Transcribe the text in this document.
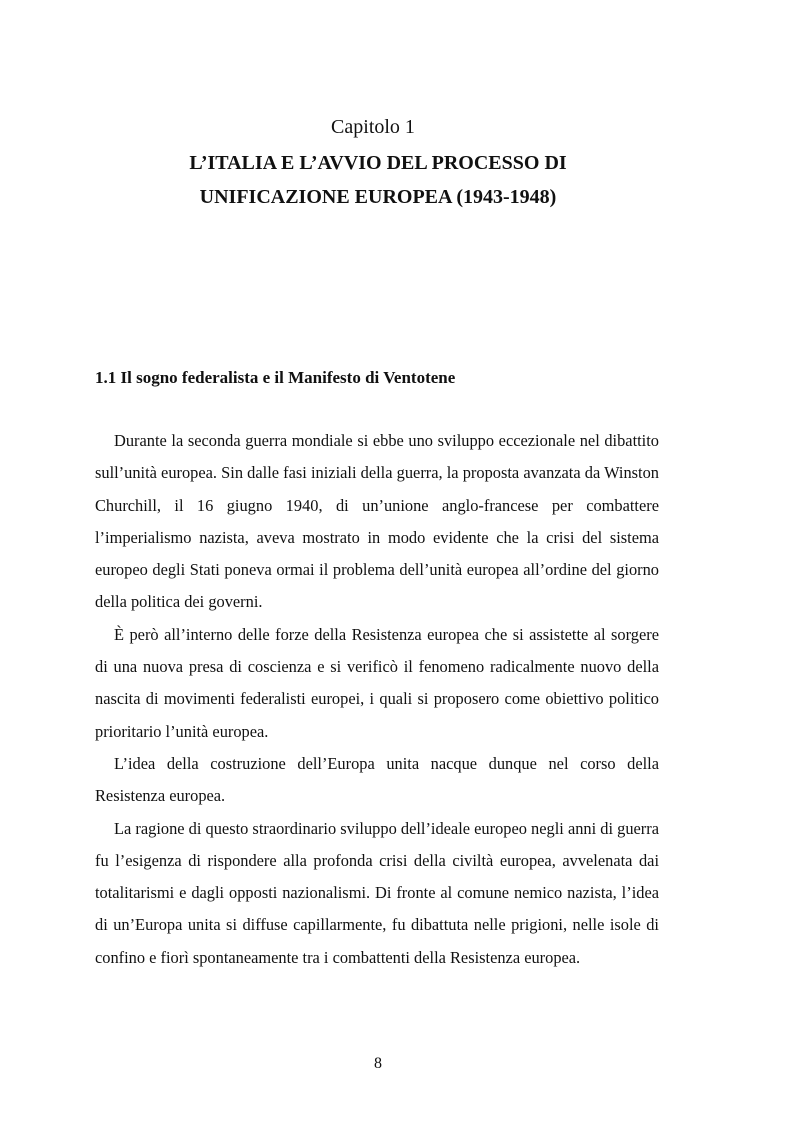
Capitolo 1
L’ITALIA E L’AVVIO DEL PROCESSO DI
UNIFICAZIONE EUROPEA (1943-1948)
1.1 Il sogno federalista e il Manifesto di Ventotene

Durante la seconda guerra mondiale si ebbe uno sviluppo eccezionale nel dibattito sull’unità europea. Sin dalle fasi iniziali della guerra, la proposta avanzata da Winston Churchill, il 16 giugno 1940, di un’unione anglo-francese per combattere l’imperialismo nazista, aveva mostrato in modo evidente che la crisi del sistema europeo degli Stati poneva ormai il problema dell’unità europea all’ordine del giorno della politica dei governi.

È però all’interno delle forze della Resistenza europea che si assistette al sorgere di una nuova presa di coscienza e si verificò il fenomeno radicalmente nuovo della nascita di movimenti federalisti europei, i quali si proposero come obiettivo politico prioritario l’unità europea.

L’idea della costruzione dell’Europa unita nacque dunque nel corso della Resistenza europea.

La ragione di questo straordinario sviluppo dell’ideale europeo negli anni di guerra fu l’esigenza di rispondere alla profonda crisi della civiltà europea, avvelenata dai totalitarismi e dagli opposti nazionalismi. Di fronte al comune nemico nazista, l’idea di un’Europa unita si diffuse capillarmente, fu dibattuta nelle prigioni, nelle isole di confino e fiorì spontaneamente tra i combattenti della Resistenza europea.

8
